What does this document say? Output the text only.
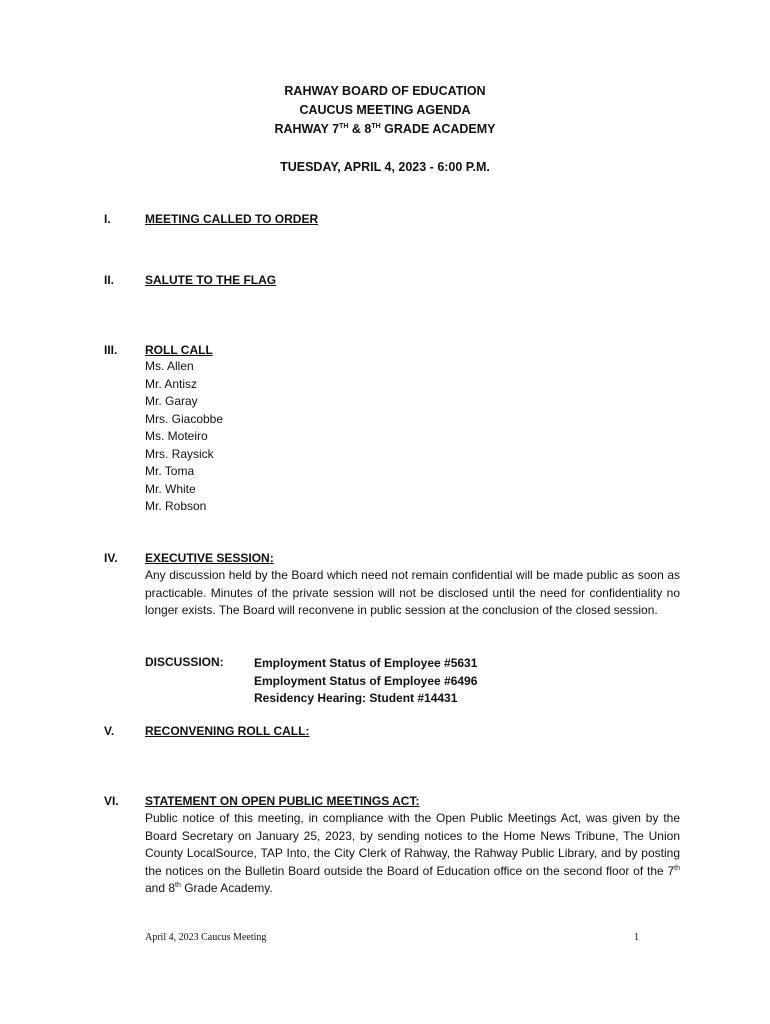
RAHWAY BOARD OF EDUCATION
CAUCUS MEETING AGENDA
RAHWAY 7TH & 8TH GRADE ACADEMY
TUESDAY, APRIL 4, 2023 - 6:00 P.M.
I.	MEETING CALLED TO ORDER
II.	SALUTE TO THE FLAG
III. ROLL CALL
Ms. Allen
Mr. Antisz
Mr. Garay
Mrs. Giacobbe
Ms. Moteiro
Mrs. Raysick
Mr. Toma
Mr. White
Mr. Robson
IV. EXECUTIVE SESSION:
Any discussion held by the Board which need not remain confidential will be made public as soon as practicable. Minutes of the private session will not be disclosed until the need for confidentiality no longer exists. The Board will reconvene in public session at the conclusion of the closed session.
DISCUSSION:	Employment Status of Employee #5631
Employment Status of Employee #6496
Residency Hearing: Student #14431
V.	RECONVENING ROLL CALL:
VI. STATEMENT ON OPEN PUBLIC MEETINGS ACT:
Public notice of this meeting, in compliance with the Open Public Meetings Act, was given by the Board Secretary on January 25, 2023, by sending notices to the Home News Tribune, The Union County LocalSource, TAP Into, the City Clerk of Rahway, the Rahway Public Library, and by posting the notices on the Bulletin Board outside the Board of Education office on the second floor of the 7th and 8th Grade Academy.
April 4, 2023 Caucus Meeting	1
